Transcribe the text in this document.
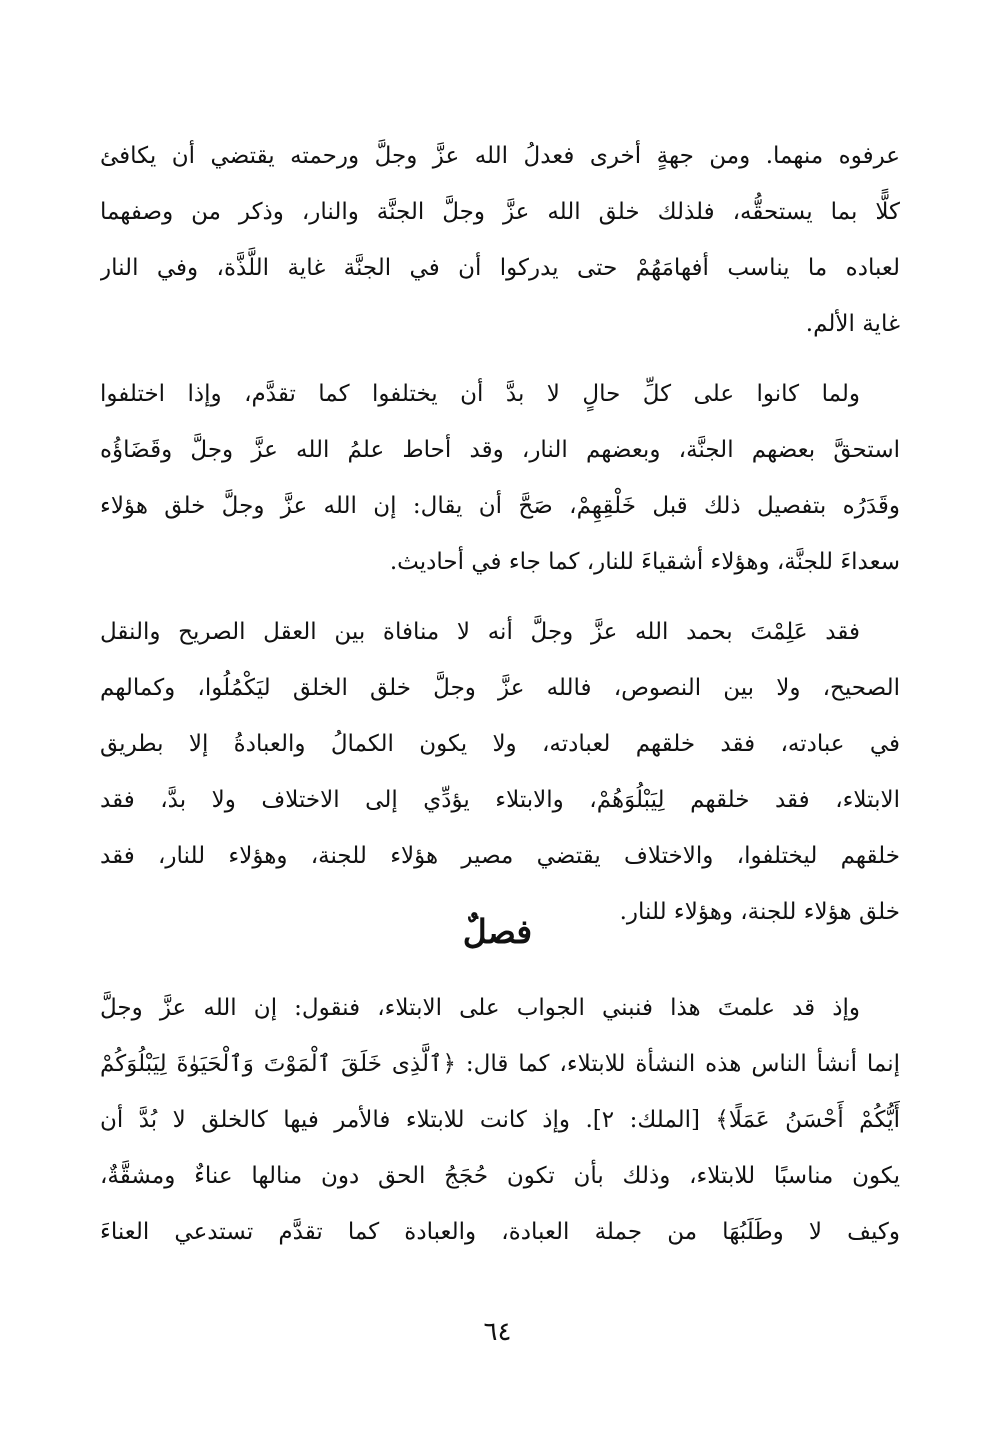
عرفوه منهما. ومن جهةٍ أخرى فعدلُ الله عزَّ وجلَّ ورحمته يقتضي أن يكافئ
كلًّا بما يستحقُّه، فلذلك خلق الله عزَّ وجلَّ الجنَّة والنار، وذكر من وصفهما
لعباده ما يناسب أفهامَهُمْ حتى يدركوا أن في الجنَّة غاية اللَّذَّة، وفي النار
غاية الألم.
ولما كانوا على كلِّ حالٍ لا بدَّ أن يختلفوا كما تقدَّم، وإذا اختلفوا
استحقَّ بعضهم الجنَّة، وبعضهم النار، وقد أحاط علمُ الله عزَّ وجلَّ وقَضَاؤُه
وقَدَرُه بتفصيل ذلك قبل خَلْقِهِمْ، صَحَّ أن يقال: إن الله عزَّ وجلَّ خلق هؤلاء
سعداءَ للجنَّة، وهؤلاء أشقياءَ للنار، كما جاء في أحاديث.
فقد عَلِمْتَ بحمد الله عزَّ وجلَّ أنه لا منافاة بين العقل الصريح والنقل
الصحيح، ولا بين النصوص، فالله عزَّ وجلَّ خلق الخلق ليَكْمُلُوا، وكمالهم
في عبادته، فقد خلقهم لعبادته، ولا يكون الكمالُ والعبادةُ إلا بطريق
الابتلاء، فقد خلقهم لِيَبْلُوَهُمْ، والابتلاء يؤدِّي إلى الاختلاف ولا بدَّ، فقد
خلقهم ليختلفوا، والاختلاف يقتضي مصير هؤلاء للجنة، وهؤلاء للنار، فقد
خلق هؤلاء للجنة، وهؤلاء للنار.
فصلٌ
وإذ قد علمتَ هذا فنبني الجواب على الابتلاء، فنقول: إن الله عزَّ وجلَّ
إنما أنشأ الناس هذه النشأة للابتلاء، كما قال: ﴿ٱلَّذِى خَلَقَ ٱلْمَوْتَ وَٱلْحَيَوٰةَ لِيَبْلُوَكُمْ
أَيُّكُمْ أَحْسَنُ عَمَلًا﴾ [الملك: ٢]. وإذ كانت للابتلاء فالأمر فيها كالخلق لا بُدَّ أن
يكون مناسبًا للابتلاء، وذلك بأن تكون حُجَجُ الحق دون منالها عناءٌ ومشقَّةٌ،
وكيف لا وطَلَبُهَا من جملة العبادة، والعبادة كما تقدَّم تستدعي العناءَ
٦٤
